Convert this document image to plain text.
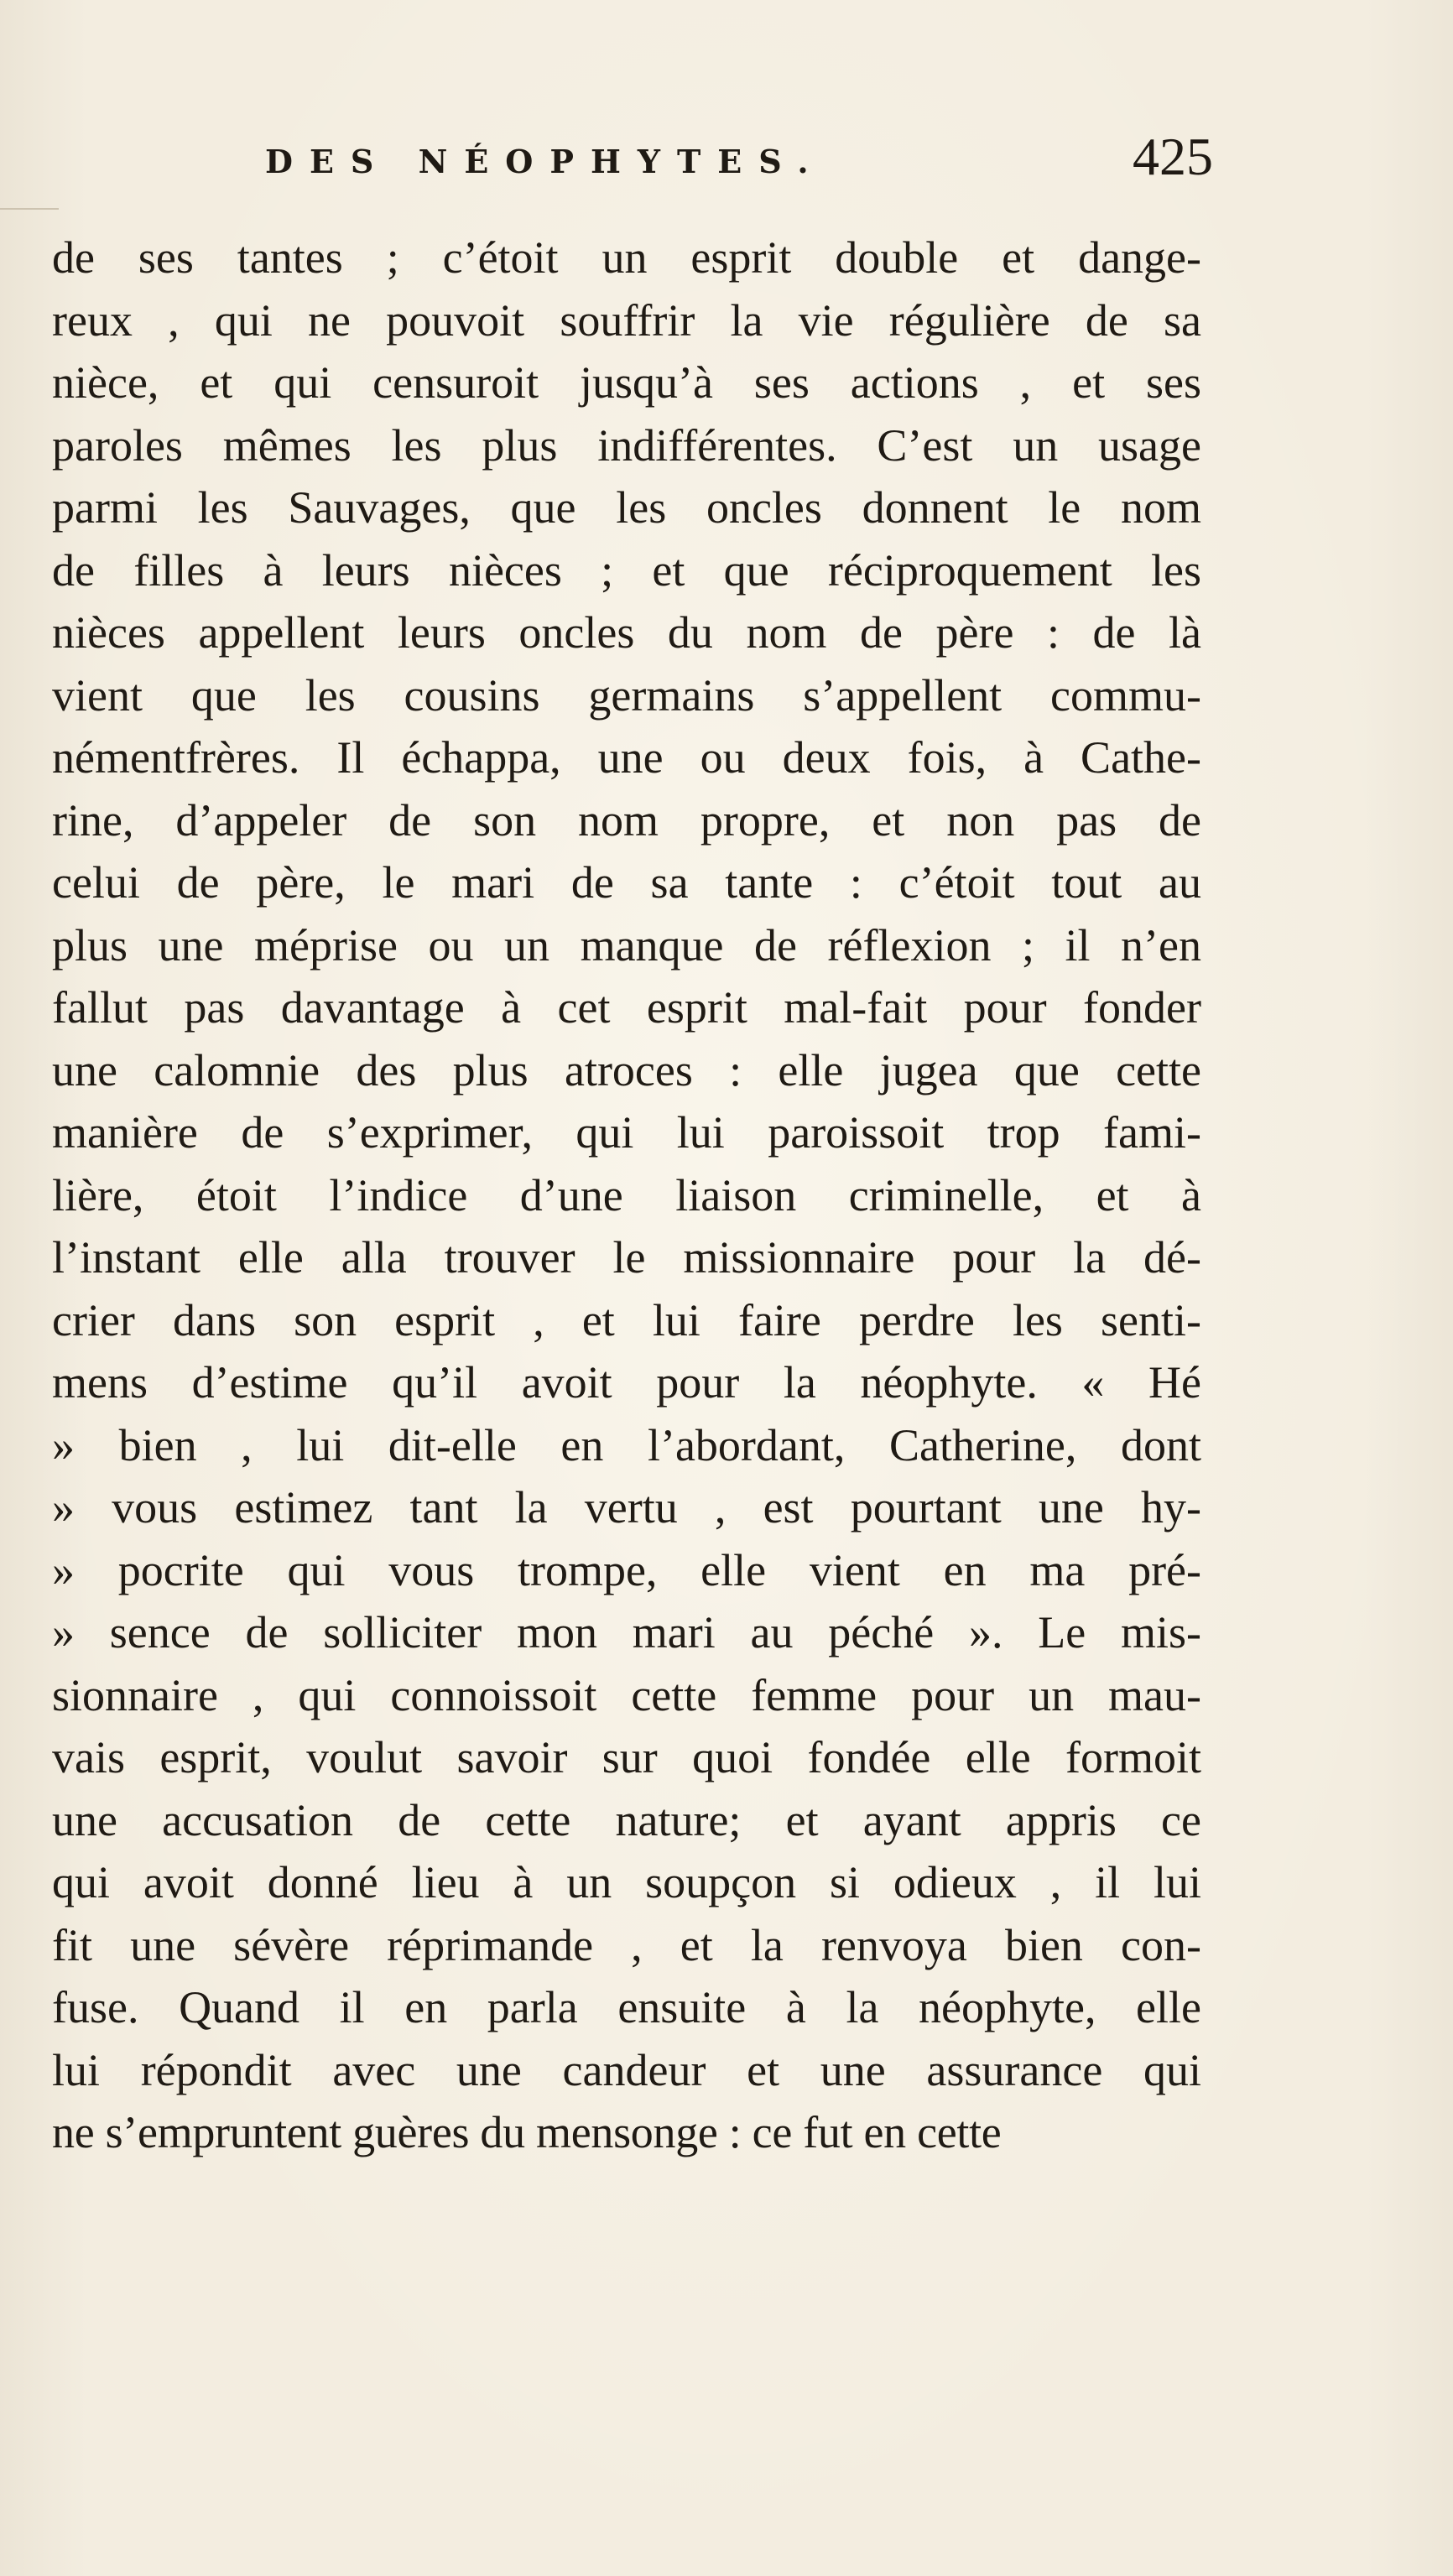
DES NÉOPHYTES.	425
de ses tantes ; c’étoit un esprit double et dange-
reux , qui ne pouvoit souffrir la vie régulière de sa
nièce, et qui censuroit jusqu’à ses actions , et ses
paroles mêmes les plus indifférentes. C’est un usage
parmi les Sauvages, que les oncles donnent le nom
de filles à leurs nièces ; et que réciproquement les
nièces appellent leurs oncles du nom de père : de là
vient que les cousins germains s’appellent commu-
némentfrères. Il échappa, une ou deux fois, à Cathe-
rine, d’appeler de son nom propre, et non pas de
celui de père, le mari de sa tante : c’étoit tout au
plus une méprise ou un manque de réflexion ; il n’en
fallut pas davantage à cet esprit mal-fait pour fonder
une calomnie des plus atroces : elle jugea que cette
manière de s’exprimer, qui lui paroissoit trop fami-
lière, étoit l’indice d’une liaison criminelle, et à
l’instant elle alla trouver le missionnaire pour la dé-
crier dans son esprit , et lui faire perdre les senti-
mens d’estime qu’il avoit pour la néophyte. « Hé
» bien , lui dit-elle en l’abordant, Catherine, dont
» vous estimez tant la vertu , est pourtant une hy-
» pocrite qui vous trompe, elle vient en ma pré-
» sence de solliciter mon mari au péché ». Le mis-
sionnaire , qui connoissoit cette femme pour un mau-
vais esprit, voulut savoir sur quoi fondée elle formoit
une accusation de cette nature; et ayant appris ce
qui avoit donné lieu à un soupçon si odieux , il lui
fit une sévère réprimande , et la renvoya bien con-
fuse. Quand il en parla ensuite à la néophyte, elle
lui répondit avec une candeur et une assurance qui
ne s’empruntent guères du mensonge : ce fut en cette
